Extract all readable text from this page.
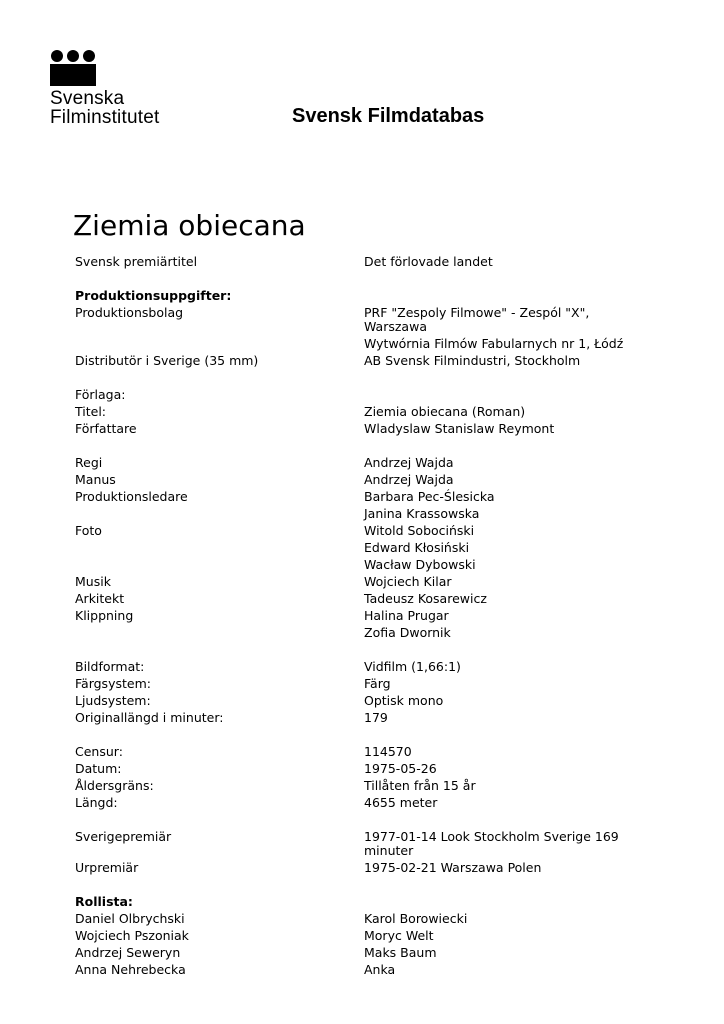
Svenska
Filminstitutet	Svensk Filmdatabas
Ziemia obiecana
Svensk premiärtitel	Det förlovade landet
Produktionsuppgifter:
Produktionsbolag	PRF "Zespoly Filmowe" - Zespól "X", Warszawa
Wytwórnia Filmów Fabularnych nr 1, Łódź
Distributör i Sverige (35 mm)	AB Svensk Filmindustri, Stockholm
Förlaga:
Titel:	Ziemia obiecana (Roman)
Författare	Wladyslaw Stanislaw Reymont
Regi	Andrzej Wajda
Manus	Andrzej Wajda
Produktionsledare	Barbara Pec-Ślesicka
Janina Krassowska
Foto	Witold Sobociński
Edward Kłosiński
Wacław Dybowski
Musik	Wojciech Kilar
Arkitekt	Tadeusz Kosarewicz
Klippning	Halina Prugar
Zofia Dwornik
Bildformat:	Vidfilm (1,66:1)
Färgsystem:	Färg
Ljudsystem:	Optisk mono
Originallängd i minuter:	179
Censur:	114570
Datum:	1975-05-26
Åldersgräns:	Tillåten från 15 år
Längd:	4655 meter
Sverigepremiär	1977-01-14 Look Stockholm Sverige 169 minuter
Urpremiär	1975-02-21 Warszawa Polen
Rollista:
Daniel Olbrychski	Karol Borowiecki
Wojciech Pszoniak	Moryc Welt
Andrzej Seweryn	Maks Baum
Anna Nehrebecka	Anka
